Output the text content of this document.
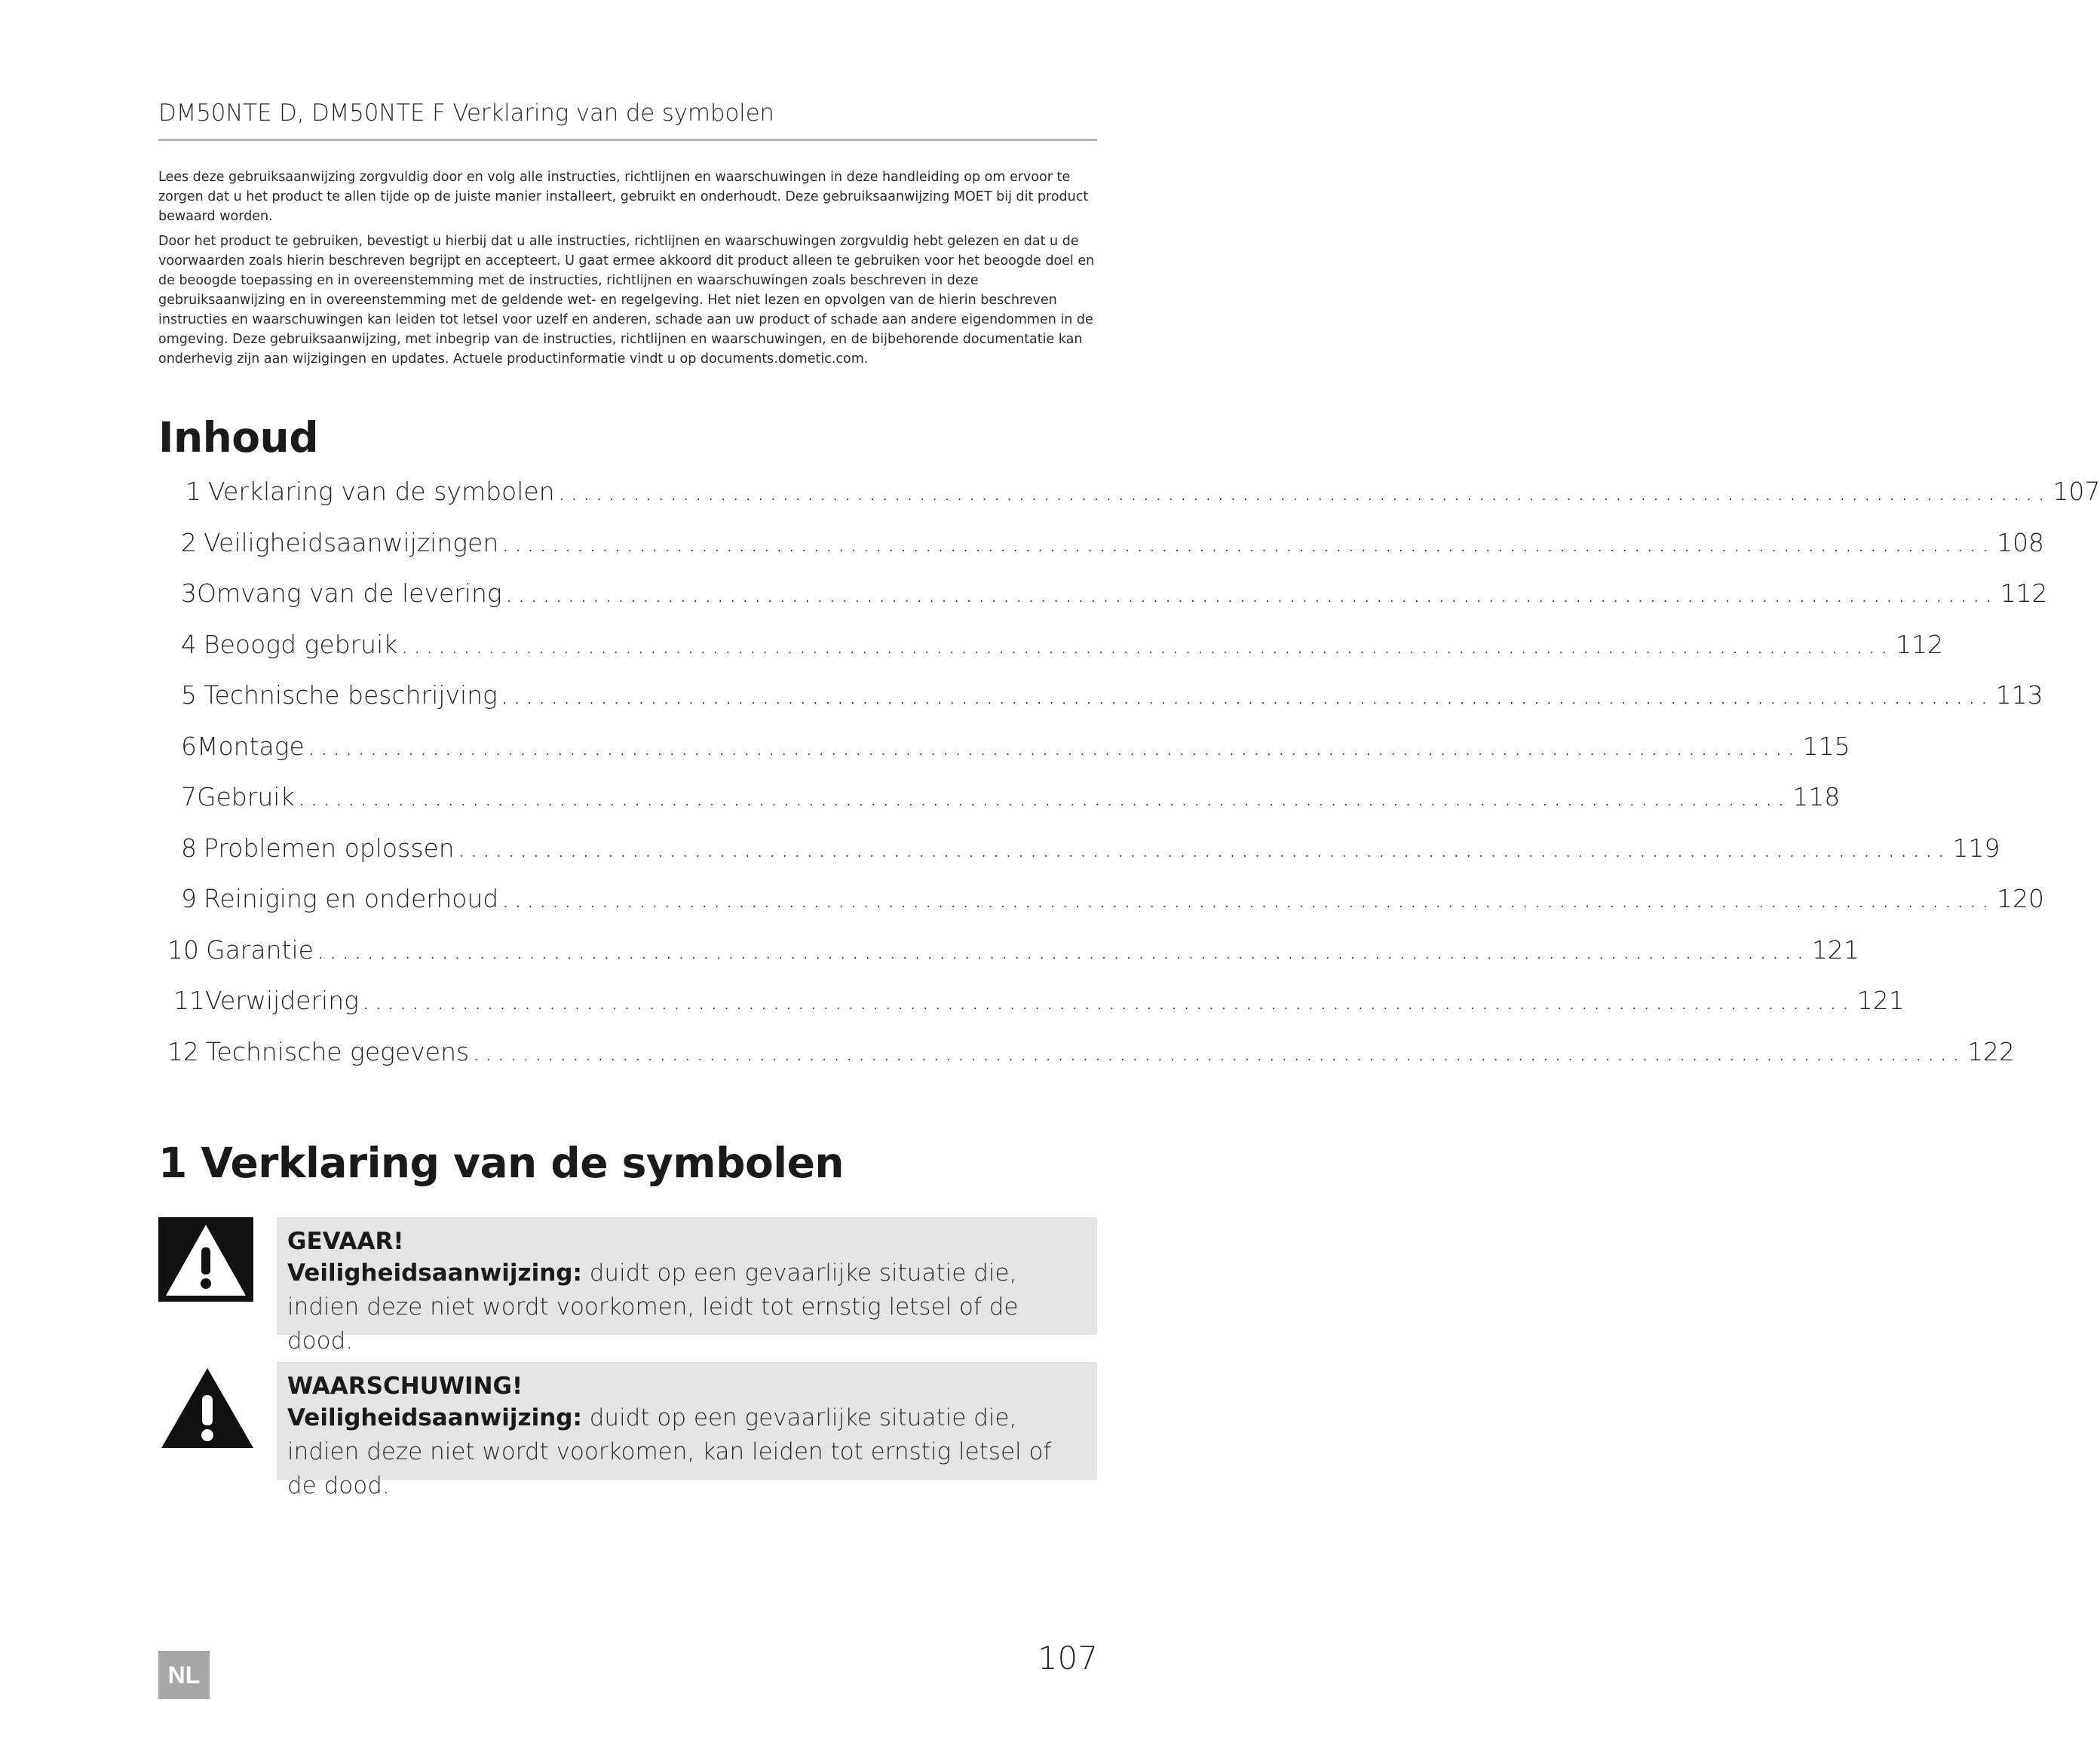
DM50NTE D, DM50NTE F Verklaring van de symbolen

Lees deze gebruiksaanwijzing zorgvuldig door en volg alle instructies, richtlijnen en waarschuwingen in deze handleiding op om ervoor te zorgen dat u het product te allen tijde op de juiste manier installeert, gebruikt en onderhoudt. Deze gebruiksaanwijzing MOET bij dit product bewaard worden.

Door het product te gebruiken, bevestigt u hierbij dat u alle instructies, richtlijnen en waarschuwingen zorgvuldig hebt gelezen en dat u de voorwaarden zoals hierin beschreven begrijpt en accepteert. U gaat ermee akkoord dit product alleen te gebruiken voor het beoogde doel en de beoogde toepassing en in overeenstemming met de instructies, richtlijnen en waarschuwingen zoals beschreven in deze gebruiksaanwijzing en in overeenstemming met de geldende wet- en regelgeving. Het niet lezen en opvolgen van de hierin beschreven instructies en waarschuwingen kan leiden tot letsel voor uzelf en anderen, schade aan uw product of schade aan andere eigendommen in de omgeving. Deze gebruiksaanwijzing, met inbegrip van de instructies, richtlijnen en waarschuwingen, en de bijbehorende documentatie kan onderhevig zijn aan wijzigingen en updates. Actuele productinformatie vindt u op documents.dometic.com.

Inhoud
1 Verklaring van de symbolen ........................................................................................................................ 107
2 Veiligheidsaanwijzingen ........................................................................................................................ 108
3 Omvang van de levering ........................................................................................................................ 112
4 Beoogd gebruik ........................................................................................................................ 112
5 Technische beschrijving ........................................................................................................................ 113
6 Montage ........................................................................................................................ 115
7 Gebruik ........................................................................................................................ 118
8 Problemen oplossen ........................................................................................................................ 119
9 Reiniging en onderhoud ........................................................................................................................ 120
10 Garantie ........................................................................................................................ 121
11 Verwijdering ........................................................................................................................ 121
12 Technische gegevens ........................................................................................................................ 122
1 Verklaring van de symbolen
GEVAAR!
Veiligheidsaanwijzing: duidt op een gevaarlijke situatie die, indien deze niet wordt voorkomen, leidt tot ernstig letsel of de dood.
WAARSCHUWING!
Veiligheidsaanwijzing: duidt op een gevaarlijke situatie die, indien deze niet wordt voorkomen, kan leiden tot ernstig letsel of de dood.
NL	107
